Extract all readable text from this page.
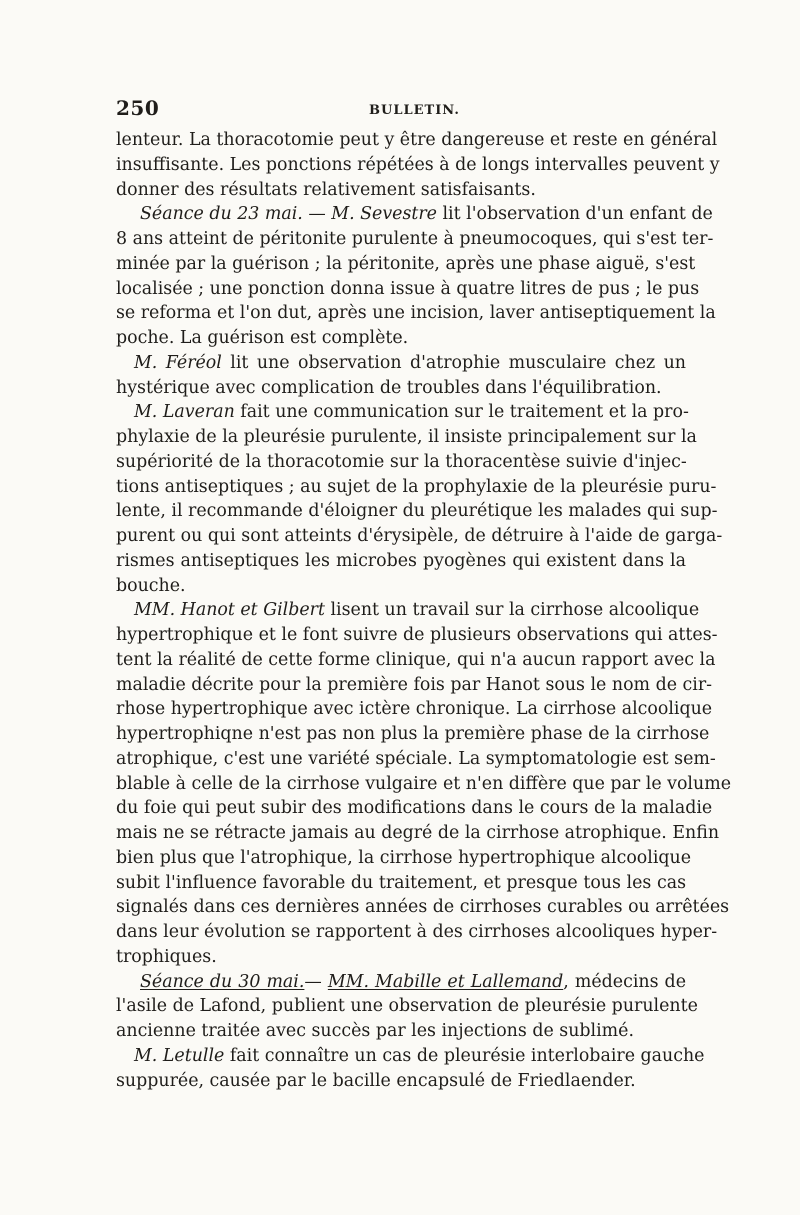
250	BULLETIN.
lenteur. La thoracotomie peut y être dangereuse et reste en général
insuffisante. Les ponctions répétées à de longs intervalles peuvent y
donner des résultats relativement satisfaisants.
Séance du 23 mai. — M. Sevestre lit l'observation d'un enfant de
8 ans atteint de péritonite purulente à pneumocoques, qui s'est ter-
minée par la guérison ; la péritonite, après une phase aiguë, s'est
localisée ; une ponction donna issue à quatre litres de pus ; le pus
se reforma et l'on dut, après une incision, laver antiseptiquement la
poche. La guérison est complète.
M. Féréol lit une observation d'atrophie musculaire chez un
hystérique avec complication de troubles dans l'équilibration.
M. Laveran fait une communication sur le traitement et la pro-
phylaxie de la pleurésie purulente, il insiste principalement sur la
supériorité de la thoracotomie sur la thoracentèse suivie d'injec-
tions antiseptiques ; au sujet de la prophylaxie de la pleurésie puru-
lente, il recommande d'éloigner du pleurétique les malades qui sup-
purent ou qui sont atteints d'érysipèle, de détruire à l'aide de garga-
rismes antiseptiques les microbes pyogènes qui existent dans la
bouche.
MM. Hanot et Gilbert lisent un travail sur la cirrhose alcoolique
hypertrophique et le font suivre de plusieurs observations qui attes-
tent la réalité de cette forme clinique, qui n'a aucun rapport avec la
maladie décrite pour la première fois par Hanot sous le nom de cir-
rhose hypertrophique avec ictère chronique. La cirrhose alcoolique
hypertrophiqne n'est pas non plus la première phase de la cirrhose
atrophique, c'est une variété spéciale. La symptomatologie est sem-
blable à celle de la cirrhose vulgaire et n'en diffère que par le volume
du foie qui peut subir des modifications dans le cours de la maladie
mais ne se rétracte jamais au degré de la cirrhose atrophique. Enfin
bien plus que l'atrophique, la cirrhose hypertrophique alcoolique
subit l'influence favorable du traitement, et presque tous les cas
signalés dans ces dernières années de cirrhoses curables ou arrêtées
dans leur évolution se rapportent à des cirrhoses alcooliques hyper-
trophiques.
Séance du 30 mai.— MM. Mabille et Lallemand, médecins de
l'asile de Lafond, publient une observation de pleurésie purulente
ancienne traitée avec succès par les injections de sublimé.
M. Letulle fait connaître un cas de pleurésie interlobaire gauche
suppurée, causée par le bacille encapsulé de Friedlaender.
